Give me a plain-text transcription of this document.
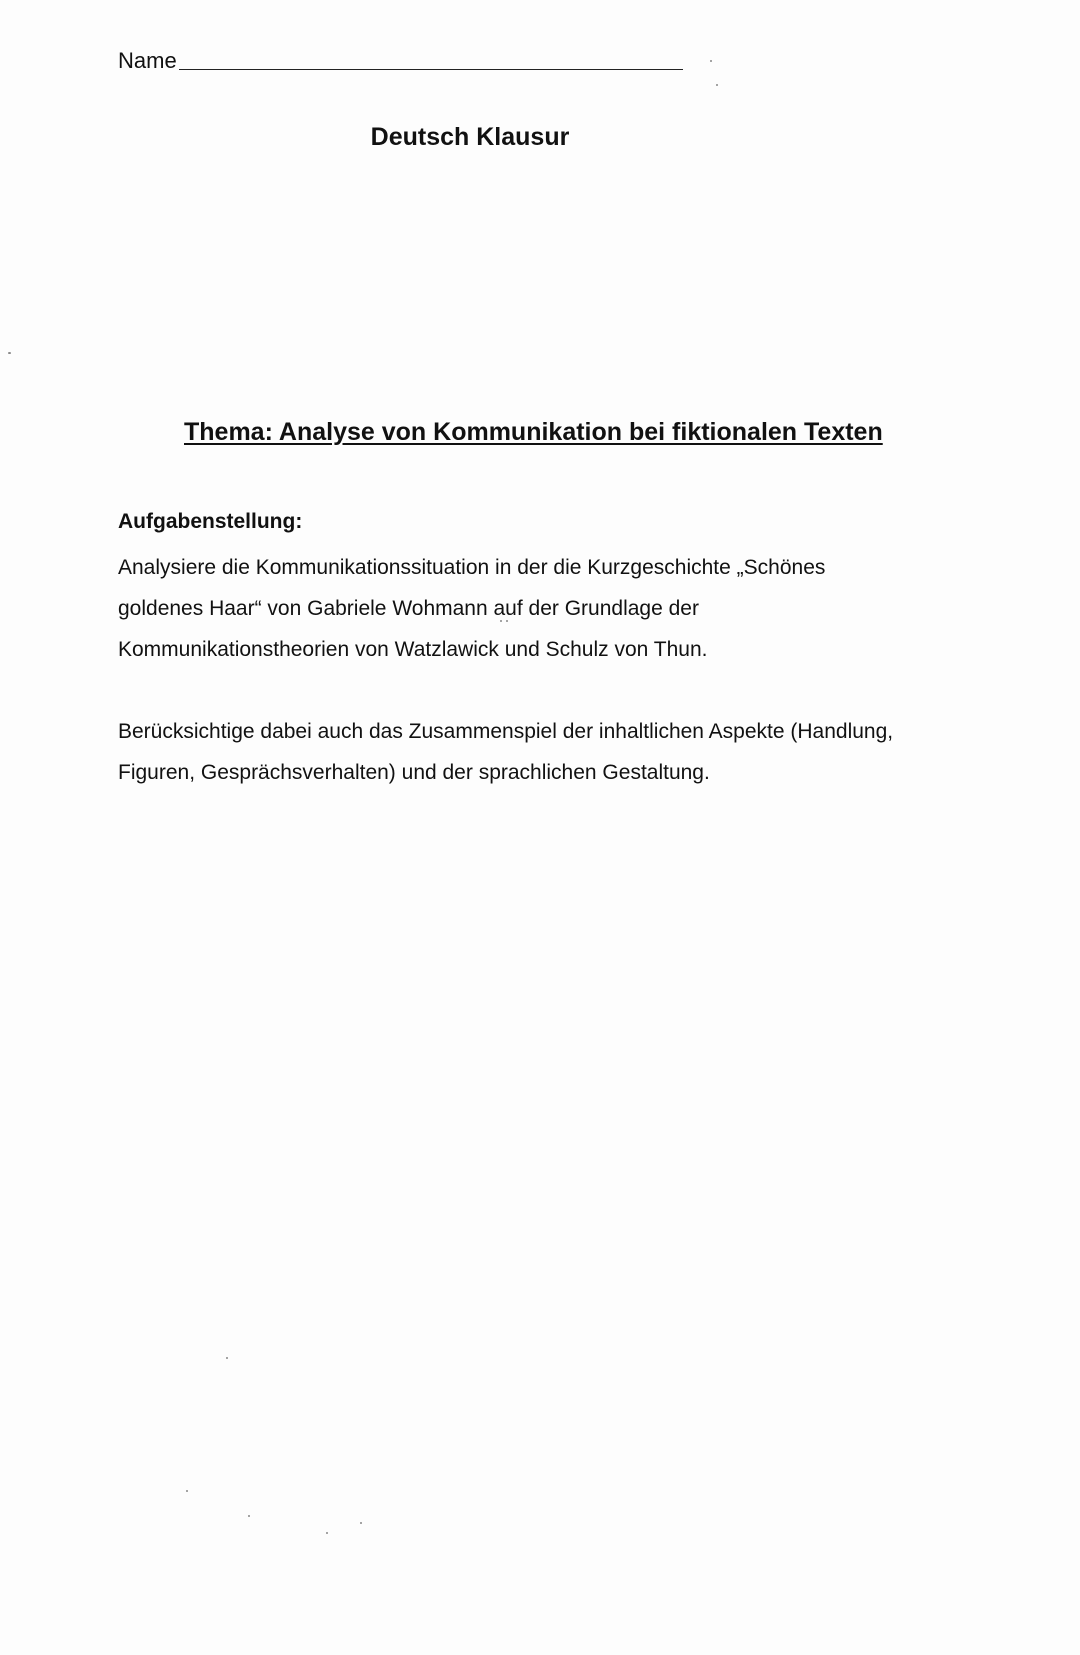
Name
Deutsch Klausur
Thema: Analyse von Kommunikation bei fiktionalen Texten
Aufgabenstellung:
Analysiere die Kommunikationssituation in der die Kurzgeschichte „Schönes
goldenes Haar“ von Gabriele Wohmann auf der Grundlage der
Kommunikationstheorien von Watzlawick und Schulz von Thun.
Berücksichtige dabei auch das Zusammenspiel der inhaltlichen Aspekte (Handlung,
Figuren, Gesprächsverhalten) und der sprachlichen Gestaltung.
